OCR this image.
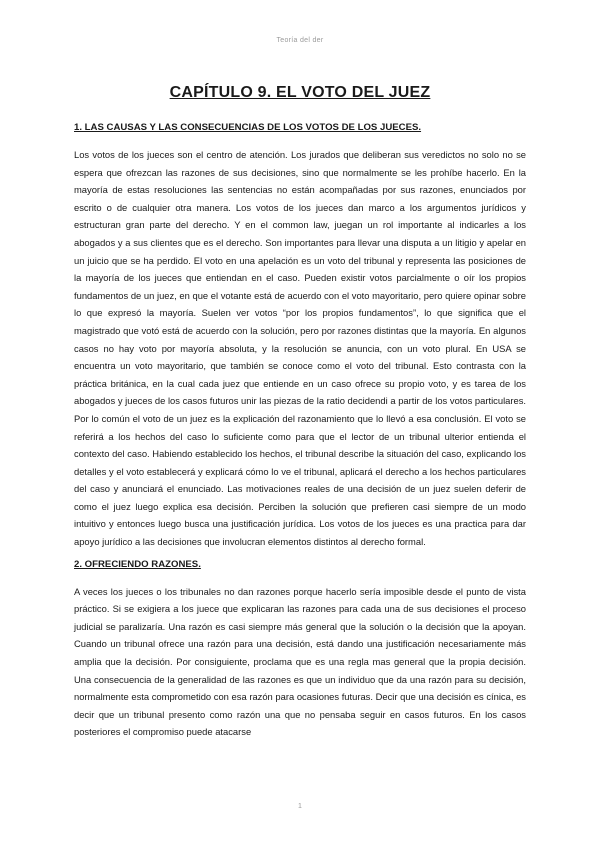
Teoría del der
CAPÍTULO 9. EL VOTO DEL JUEZ
1. LAS CAUSAS Y LAS CONSECUENCIAS DE LOS VOTOS DE LOS JUECES.

Los votos de los jueces son el centro de atención. Los jurados que deliberan sus veredictos no solo no se espera que ofrezcan las razones de sus decisiones, sino que normalmente se les prohíbe hacerlo. En la mayoría de estas resoluciones las sentencias no están acompañadas por sus razones, enunciados por escrito o de cualquier otra manera. Los votos de los jueces dan marco a los argumentos jurídicos y estructuran gran parte del derecho. Y en el common law, juegan un rol importante al indicarles a los abogados y a sus clientes que es el derecho. Son importantes para llevar una disputa a un litigio y apelar en un juicio que se ha perdido. El voto en una apelación es un voto del tribunal y representa las posiciones de la mayoría de los jueces que entiendan en el caso. Pueden existir votos parcialmente o oír los propios fundamentos de un juez, en que el votante está de acuerdo con el voto mayoritario, pero quiere opinar sobre lo que expresó la mayoría. Suelen ver votos “por los propios fundamentos”, lo que significa que el magistrado que votó está de acuerdo con la solución, pero por razones distintas que la mayoría. En algunos casos no hay voto por mayoría absoluta, y la resolución se anuncia, con un voto plural. En USA se encuentra un voto mayoritario, que también se conoce como el voto del tribunal. Esto contrasta con la práctica británica, en la cual cada juez que entiende en un caso ofrece su propio voto, y es tarea de los abogados y jueces de los casos futuros unir las piezas de la ratio decidendi a partir de los votos particulares. Por lo común el voto de un juez es la explicación del razonamiento que lo llevó a esa conclusión. El voto se referirá a los hechos del caso lo suficiente como para que el lector de un tribunal ulterior entienda el contexto del caso. Habiendo establecido los hechos, el tribunal describe la situación del caso, explicando los detalles y el voto establecerá y explicará cómo lo ve el tribunal, aplicará el derecho a los hechos particulares del caso y anunciará el enunciado. Las motivaciones reales de una decisión de un juez suelen deferir de como el juez luego explica esa decisión. Perciben la solución que prefieren casi siempre de un modo intuitivo y entonces luego busca una justificación jurídica. Los votos de los jueces es una practica para dar apoyo jurídico a las decisiones que involucran elementos distintos al derecho formal.

2. OFRECIENDO RAZONES.

A veces los jueces o los tribunales no dan razones porque hacerlo sería imposible desde el punto de vista práctico. Si se exigiera a los juece que explicaran las razones para cada una de sus decisiones el proceso judicial se paralizaría. Una razón es casi siempre más general que la solución o la decisión que la apoyan. Cuando un tribunal ofrece una razón para una decisión, está dando una justificación necesariamente más amplia que la decisión. Por consiguiente, proclama que es una regla mas general que la propia decisión. Una consecuencia de la generalidad de las razones es que un individuo que da una razón para su decisión, normalmente esta comprometido con esa razón para ocasiones futuras. Decir que una decisión es cínica, es decir que un tribunal presento como razón una que no pensaba seguir en casos futuros. En los casos posteriores el compromiso puede atacarse

1
